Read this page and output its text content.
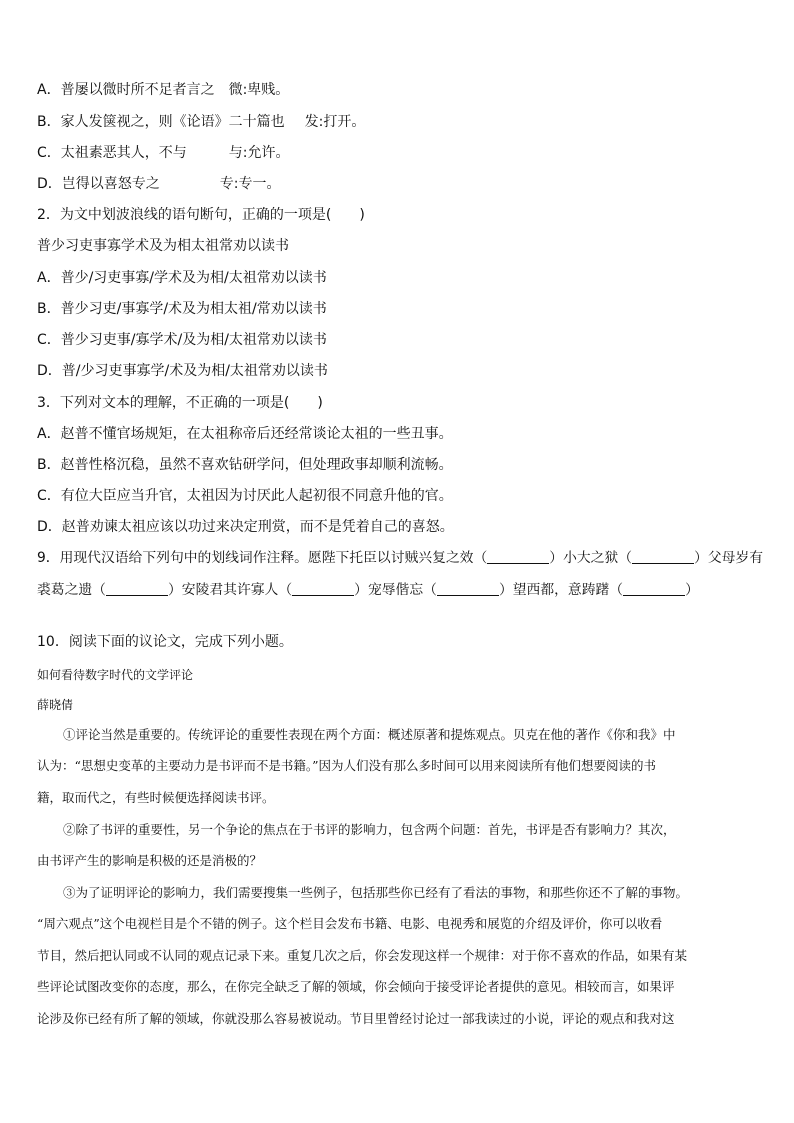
A．普屡以微时所不足者言之 微:卑贱。
B．家人发箧视之，则《论语》二十篇也 发:打开。
C．太祖素恶其人，不与	与:允许。
D．岂得以喜怒专之	专:专一。
2．为文中划波浪线的语句断句，正确的一项是(　　)
普少习吏事寡学术及为相太祖常劝以读书
A．普少/习吏事寡/学术及为相/太祖常劝以读书
B．普少习吏/事寡学/术及为相太祖/常劝以读书
C．普少习吏事/寡学术/及为相/太祖常劝以读书
D．普/少习吏事寡学/术及为相/太祖常劝以读书
3．下列对文本的理解，不正确的一项是(　　)
A．赵普不懂官场规矩，在太祖称帝后还经常谈论太祖的一些丑事。
B．赵普性格沉稳，虽然不喜欢钻研学问，但处理政事却顺利流畅。
C．有位大臣应当升官，太祖因为讨厌此人起初很不同意升他的官。
D．赵普劝谏太祖应该以功过来决定刑赏，而不是凭着自己的喜怒。
9．用现代汉语给下列句中的划线词作注释。愿陛下托臣以讨贼兴复之效（	）小大之狱（	）父母岁有
裘葛之遗（	）安陵君其许寡人（	）宠辱偕忘（	）望西都，意踌躇（	）
10．阅读下面的议论文，完成下列小题。
如何看待数字时代的文学评论
薛晓倩
①评论当然是重要的。传统评论的重要性表现在两个方面：概述原著和提炼观点。贝克在他的著作《你和我》中
认为：“思想史变革的主要动力是书评而不是书籍。”因为人们没有那么多时间可以用来阅读所有他们想要阅读的书
籍，取而代之，有些时候便选择阅读书评。
②除了书评的重要性，另一个争论的焦点在于书评的影响力，包含两个问题：首先，书评是否有影响力？其次，
由书评产生的影响是积极的还是消极的？
③为了证明评论的影响力，我们需要搜集一些例子，包括那些你已经有了看法的事物，和那些你还不了解的事物。
“周六观点”这个电视栏目是个不错的例子。这个栏目会发布书籍、电影、电视秀和展览的介绍及评价，你可以收看
节目，然后把认同或不认同的观点记录下来。重复几次之后，你会发现这样一个规律：对于你不喜欢的作品，如果有某
些评论试图改变你的态度，那么，在你完全缺乏了解的领域，你会倾向于接受评论者提供的意见。相较而言，如果评
论涉及你已经有所了解的领域，你就没那么容易被说动。节目里曾经讨论过一部我读过的小说，评论的观点和我对这
